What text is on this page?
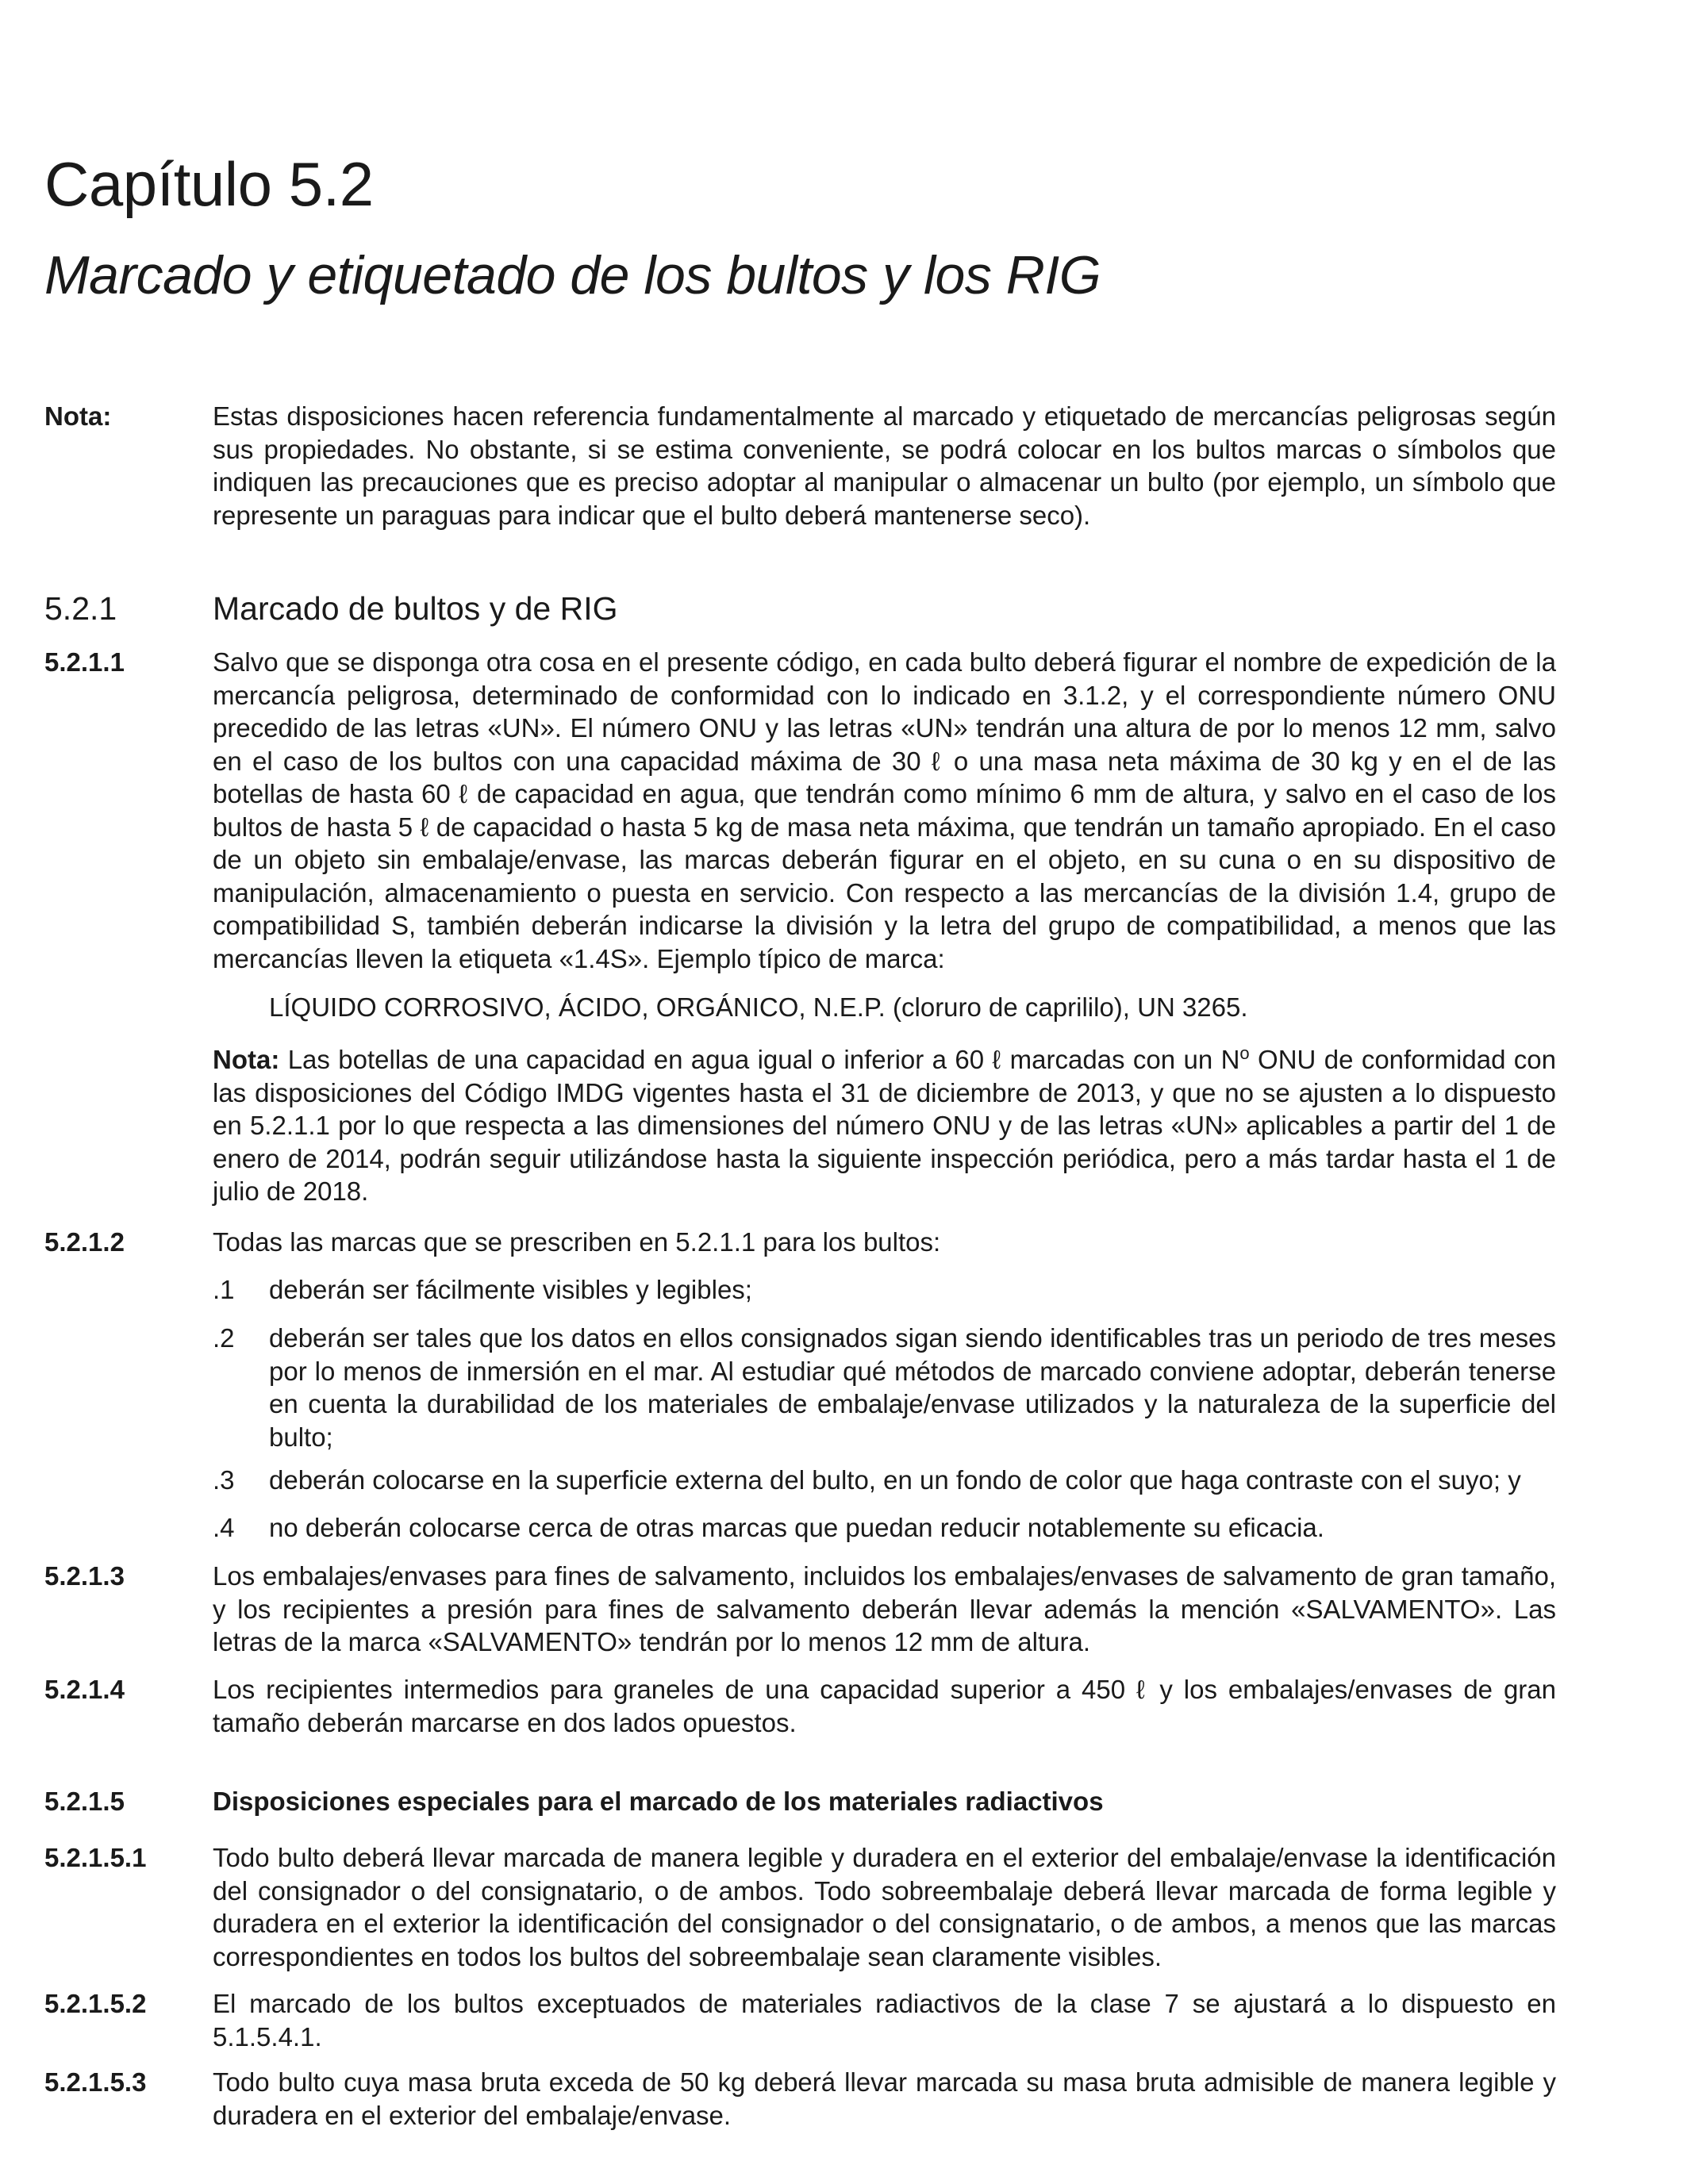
Capítulo 5.2
Marcado y etiquetado de los bultos y los RIG
Nota:	Estas disposiciones hacen referencia fundamentalmente al marcado y etiquetado de mercancías peligrosas según sus propiedades. No obstante, si se estima conveniente, se podrá colocar en los bultos marcas o símbolos que indiquen las precauciones que es preciso adoptar al manipular o almacenar un bulto (por ejemplo, un símbolo que represente un paraguas para indicar que el bulto deberá mantenerse seco).
5.2.1	Marcado de bultos y de RIG
5.2.1.1	Salvo que se disponga otra cosa en el presente código, en cada bulto deberá figurar el nombre de expedición de la mercancía peligrosa, determinado de conformidad con lo indicado en 3.1.2, y el correspondiente número ONU precedido de las letras «UN». El número ONU y las letras «UN» tendrán una altura de por lo menos 12 mm, salvo en el caso de los bultos con una capacidad máxima de 30 ℓ o una masa neta máxima de 30 kg y en el de las botellas de hasta 60 ℓ de capacidad en agua, que tendrán como mínimo 6 mm de altura, y salvo en el caso de los bultos de hasta 5 ℓ de capacidad o hasta 5 kg de masa neta máxima, que tendrán un tamaño apropiado. En el caso de un objeto sin embalaje/envase, las marcas deberán figurar en el objeto, en su cuna o en su dispositivo de manipulación, almacenamiento o puesta en servicio. Con respecto a las mercancías de la división 1.4, grupo de compatibilidad S, también deberán indicarse la división y la letra del grupo de compatibilidad, a menos que las mercancías lleven la etiqueta «1.4S». Ejemplo típico de marca:
LÍQUIDO CORROSIVO, ÁCIDO, ORGÁNICO, N.E.P. (cloruro de caprililo), UN 3265.
Nota: Las botellas de una capacidad en agua igual o inferior a 60 ℓ marcadas con un $N^o$ ONU de conformidad con las disposiciones del Código IMDG vigentes hasta el 31 de diciembre de 2013, y que no se ajusten a lo dispuesto en 5.2.1.1 por lo que respecta a las dimensiones del número ONU y de las letras «UN» aplicables a partir del 1 de enero de 2014, podrán seguir utilizándose hasta la siguiente inspección periódica, pero a más tardar hasta el 1 de julio de 2018.
5.2.1.2	Todas las marcas que se prescriben en 5.2.1.1 para los bultos:
.1 deberán ser fácilmente visibles y legibles;
.2 deberán ser tales que los datos en ellos consignados sigan siendo identificables tras un periodo de tres meses por lo menos de inmersión en el mar. Al estudiar qué métodos de marcado conviene adoptar, deberán tenerse en cuenta la durabilidad de los materiales de embalaje/envase utilizados y la naturaleza de la superficie del bulto;
.3 deberán colocarse en la superficie externa del bulto, en un fondo de color que haga contraste con el suyo; y
.4 no deberán colocarse cerca de otras marcas que puedan reducir notablemente su eficacia.
5.2.1.3	Los embalajes/envases para fines de salvamento, incluidos los embalajes/envases de salvamento de gran tamaño, y los recipientes a presión para fines de salvamento deberán llevar además la mención «SALVAMENTO». Las letras de la marca «SALVAMENTO» tendrán por lo menos 12 mm de altura.
5.2.1.4	Los recipientes intermedios para graneles de una capacidad superior a 450 ℓ y los embalajes/envases de gran tamaño deberán marcarse en dos lados opuestos.
5.2.1.5	Disposiciones especiales para el marcado de los materiales radiactivos
5.2.1.5.1	Todo bulto deberá llevar marcada de manera legible y duradera en el exterior del embalaje/envase la identificación del consignador o del consignatario, o de ambos. Todo sobreembalaje deberá llevar marcada de forma legible y duradera en el exterior la identificación del consignador o del consignatario, o de ambos, a menos que las marcas correspondientes en todos los bultos del sobreembalaje sean claramente visibles.
5.2.1.5.2	El marcado de los bultos exceptuados de materiales radiactivos de la clase 7 se ajustará a lo dispuesto en 5.1.5.4.1.
5.2.1.5.3	Todo bulto cuya masa bruta exceda de 50 kg deberá llevar marcada su masa bruta admisible de manera legible y duradera en el exterior del embalaje/envase.
